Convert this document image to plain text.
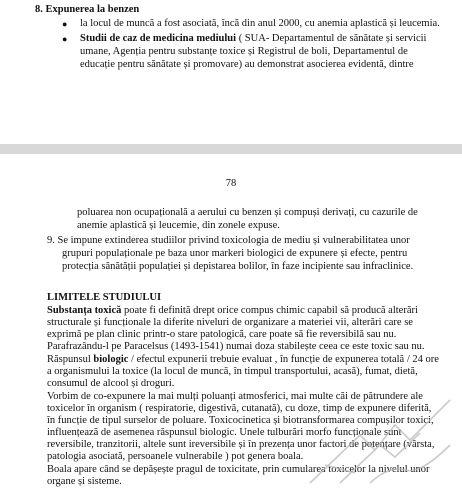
8. Expunerea la benzen
● la locul de muncă a fost asociată, încă din anul 2000, cu anemia aplastică și leucemia.
● Studii de caz de medicina mediului ( SUA- Departamentul de sănătate și servicii
umane, Agenția pentru substanțe toxice și Registrul de boli, Departamentul de
educație pentru sănătate și promovare) au demonstrat asocierea evidentă, dintre
78
poluarea non ocupațională a aerului cu benzen și compuși derivați, cu cazurile de
anemie aplastică și leucemie, din zonele expuse.
9. Se impune extinderea studiilor privind toxicologia de mediu și vulnerabilitatea unor
grupuri populaționale pe baza unor markeri biologici de expunere și efecte, pentru
protecția sănătății populației și depistarea bolilor, în faze incipiente sau infraclinice.
LIMITELE STUDIULUI
Substanța toxică poate fi definită drept orice compus chimic capabil să producă alterări
structurale și funcționale la diferite niveluri de organizare a materiei vii, alterări care se
exprimă pe plan clinic printr-o stare patologică, care poate să fie reversibilă sau nu.
Parafrazându-l pe Paracelsus (1493-1541) numai doza stabilește ceea ce este toxic sau nu.
Răspunsul biologic / efectul expunerii trebuie evaluat , în funcție de expunerea totală / 24 ore
a organismului la toxice (la locul de muncă, în timpul transportului, acasă), fumat, dietă,
consumul de alcool și droguri.
Vorbim de co-expunere la mai mulți poluanți atmosferici, mai multe căi de pătrundere ale
toxicelor în organism ( respiratorie, digestivă, cutanată), cu doze, timp de expunere diferită,
în funcție de tipul surselor de poluare. Toxicocinetica și biotransformarea compușilor toxici,
influențează de asemenea răspunsul biologic. Unele tulburări morfo funcționale sunt
reversibile, tranzitorii, altele sunt ireversibile și în prezența unor factori de potențare (vârsta,
patologia asociată, persoanele vulnerabile ) pot genera boala.
Boala apare când se depășește pragul de toxicitate, prin cumularea toxicelor la nivelul unor
organe și sisteme.
